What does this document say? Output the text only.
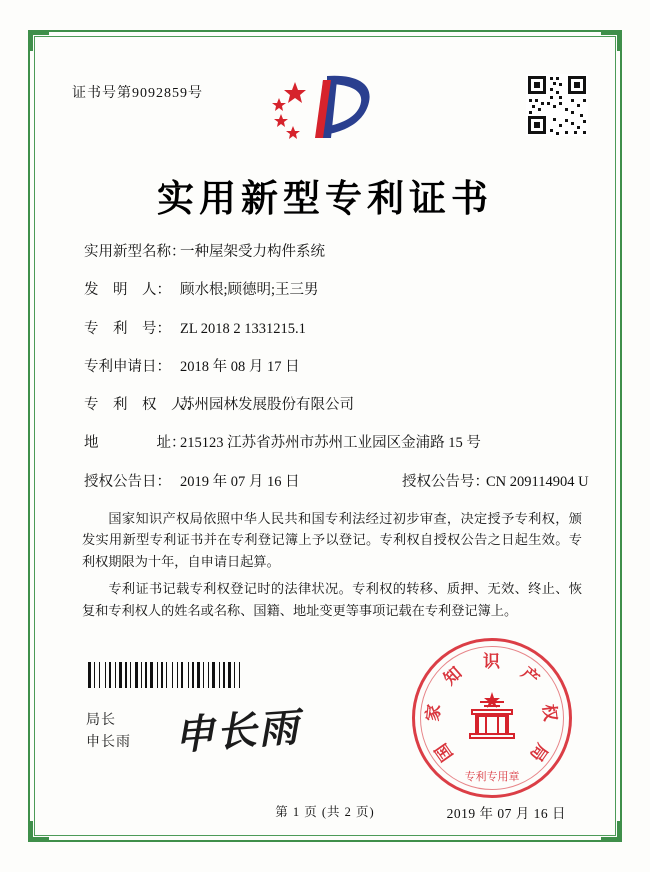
证书号第9092859号
实用新型专利证书
实用新型名称：
一种屋架受力构件系统
发　明　人： 顾水根;顾德明;王三男
专　利　号： ZL 2018 2 1331215.1
专利申请日： 2018 年 08 月 17 日
专　利　权　人：
苏州园林发展股份有限公司
地　　　　址：
215123 江苏省苏州市苏州工业园区金浦路 15 号
授权公告日： 2019 年 07 月 16 日	授权公告号：
CN 209114904 U

国家知识产权局依照中华人民共和国专利法经过初步审查，决定授予专利权，颁发实用新型专利证书并在专利登记簿上予以登记。专利权自授权公告之日起生效。专利权期限为十年，自申请日起算。

专利证书记载专利权登记时的法律状况。专利权的转移、质押、无效、终止、恢复和专利权人的姓名或名称、国籍、地址变更等事项记载在专利登记簿上。

局长
申长雨 申长雨
专利专用章
国
家
知
识
产
权
局
2019 年 07 月 16 日
第 1 页 (共 2 页)
